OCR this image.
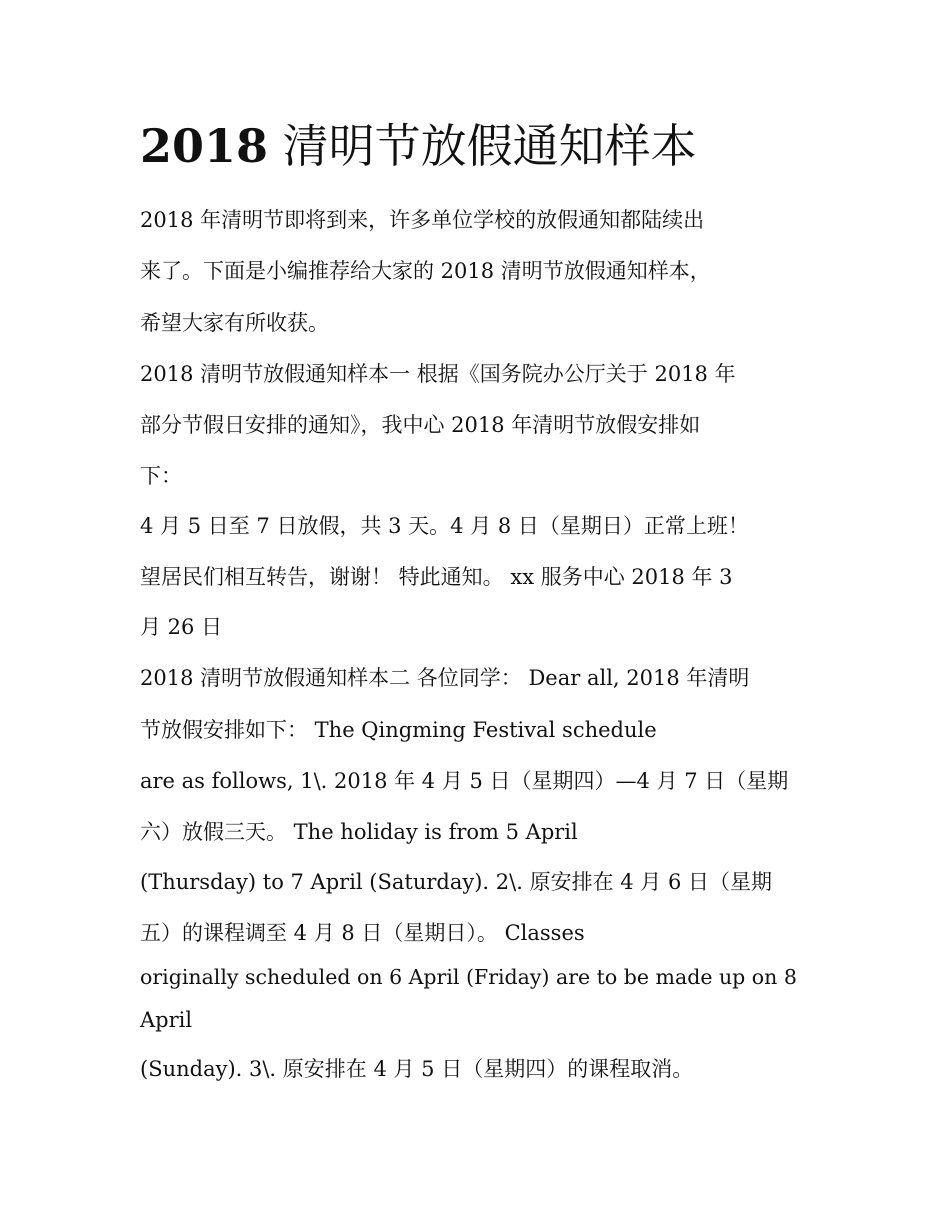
2018 清明节放假通知样本

2018 年清明节即将到来，许多单位学校的放假通知都陆续出

来了。下面是小编推荐给大家的 2018 清明节放假通知样本，

希望大家有所收获。

2018 清明节放假通知样本一 根据《国务院办公厅关于 2018 年

部分节假日安排的通知》，我中心 2018 年清明节放假安排如

下：

4 月 5 日至 7 日放假，共 3 天。4 月 8 日（星期日）正常上班！

望居民们相互转告，谢谢！ 特此通知。 xx 服务中心 2018 年 3

月 26 日

2018 清明节放假通知样本二 各位同学： Dear all, 2018 年清明

节放假安排如下： The Qingming Festival schedule

are as follows, 1\. 2018 年 4 月 5 日（星期四）—4 月 7 日（星期

六）放假三天。 The holiday is from 5 April

(Thursday) to 7 April (Saturday). 2\. 原安排在 4 月 6 日（星期

五）的课程调至 4 月 8 日（星期日）。 Classes

originally scheduled on 6 April (Friday) are to be made up on 8

April

(Sunday). 3\. 原安排在 4 月 5 日（星期四）的课程取消。
